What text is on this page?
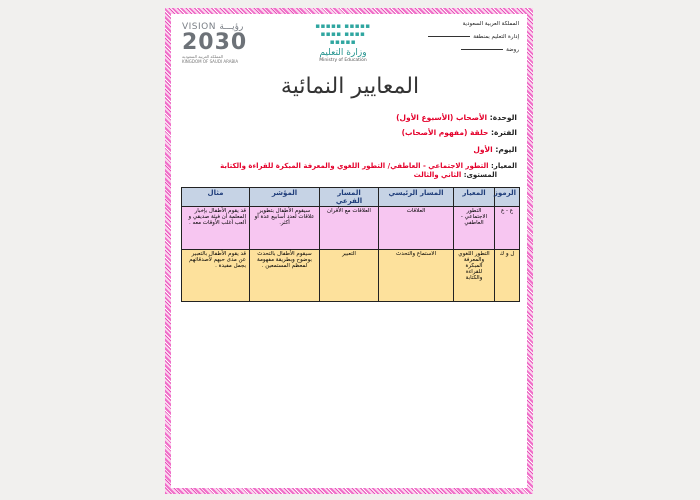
المملكة العربية السعودية
إدارة التعليم بمنطقة
روضة
▪▪▪▪▪ ▪▪▪▪▪
▪▪▪▪ ▪▪▪▪
▪▪▪▪▪
وزارة التعليم
Ministry of Education
VISION رؤيـــة
2030
المملكة العربية السعودية
KINGDOM OF SAUDI ARABIA
المعايير النمائية
الوحدة: الأصحاب (الأسبوع الأول)
الفترة: حلقة (مفهوم الأصحاب)
اليوم: الأول
المعيار: التطور الاجتماعي - العاطفي/ التطور اللغوي والمعرفة المبكرة للقراءة والكتابة
المستوى: الثاني والثالث
الرموز	المعيار	المسار الرئيسي	المسار الفرعي	المؤشر	مثال
ع - ع	التطور الاجتماعي - العاطفي	العلاقات	العلاقات مع الأقران	سيقوم الأطفال بتطوير علاقات لعدد أسابيع عدة أو أكثر.	قد يقوم الأطفال بإخبار المعلمة أن فيئة صديقي و ألعب أغلب الأوقات معه .
ل و ك	التطور اللغوي والمعرفة المبكرة للقراءة والكتابة	الاستماع والتحدث	التعبير	سيقوم الأطفال بالتحدث بوضوح وبطريقة مفهومة لمعظم المستمعين .	قد يقوم الأطفال بالتعبير عن مدى حبهم لأصدقائهم بجمل مفيدة .
